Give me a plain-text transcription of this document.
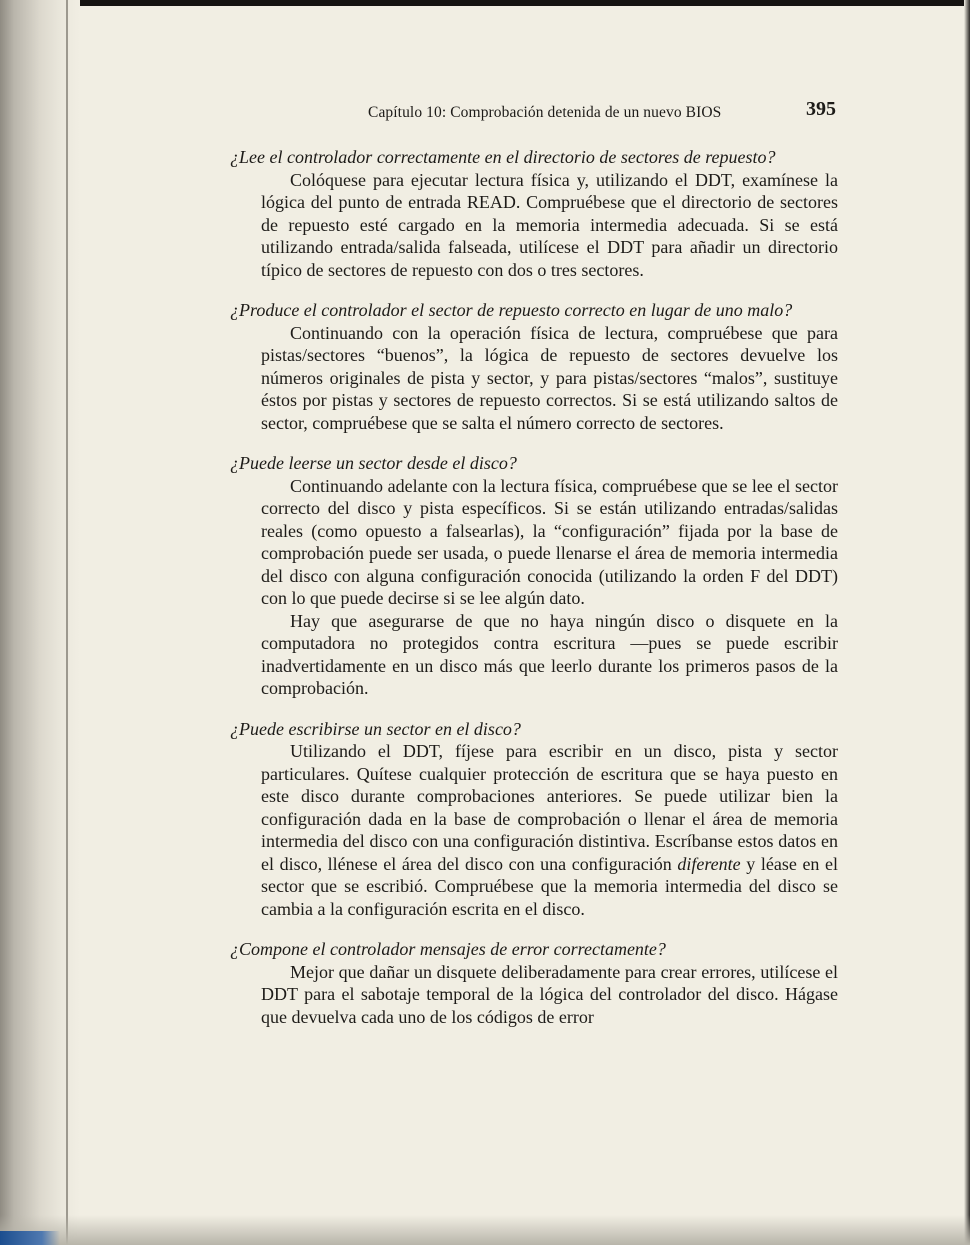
Capítulo 10: Comprobación detenida de un nuevo BIOS	395

¿Lee el controlador correctamente en el directorio de sectores de repuesto?

Colóquese para ejecutar lectura física y, utilizando el DDT, examínese la lógica del punto de entrada READ. Compruébese que el directorio de sectores de repuesto esté cargado en la memoria intermedia adecuada. Si se está utilizando entrada/salida falseada, utilícese el DDT para añadir un directorio típico de sectores de repuesto con dos o tres sectores.

¿Produce el controlador el sector de repuesto correcto en lugar de uno malo?

Continuando con la operación física de lectura, compruébese que para pistas/sectores “buenos”, la lógica de repuesto de sectores devuelve los números originales de pista y sector, y para pistas/sectores “malos”, sustituye éstos por pistas y sectores de repuesto correctos. Si se está utilizando saltos de sector, compruébese que se salta el número correcto de sectores.

¿Puede leerse un sector desde el disco?

Continuando adelante con la lectura física, compruébese que se lee el sector correcto del disco y pista específicos. Si se están utilizando entradas/salidas reales (como opuesto a falsearlas), la “configuración” fijada por la base de comprobación puede ser usada, o puede llenarse el área de memoria intermedia del disco con alguna configuración conocida (utilizando la orden F del DDT) con lo que puede decirse si se lee algún dato.

Hay que asegurarse de que no haya ningún disco o disquete en la computadora no protegidos contra escritura —pues se puede escribir inadvertidamente en un disco más que leerlo durante los primeros pasos de la comprobación.

¿Puede escribirse un sector en el disco?

Utilizando el DDT, fíjese para escribir en un disco, pista y sector particulares. Quítese cualquier protección de escritura que se haya puesto en este disco durante comprobaciones anteriores. Se puede utilizar bien la configuración dada en la base de comprobación o llenar el área de memoria intermedia del disco con una configuración distintiva. Escríbanse estos datos en el disco, llénese el área del disco con una configuración diferente y léase en el sector que se escribió. Compruébese que la memoria intermedia del disco se cambia a la configuración escrita en el disco.

¿Compone el controlador mensajes de error correctamente?

Mejor que dañar un disquete deliberadamente para crear errores, utilícese el DDT para el sabotaje temporal de la lógica del controlador del disco. Hágase que devuelva cada uno de los códigos de error
